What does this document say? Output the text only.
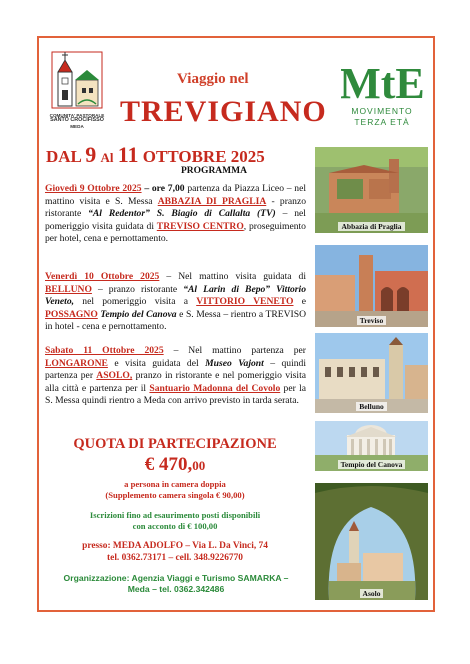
COMUNITA' PASTORALE
SANTO CROCIFISSO
MEDA
Viaggio nel
TREVIGIANO
MtE
MOVIMENTO
TERZA ETÀ
DAL 9 Al 11 OTTOBRE 2025
PROGRAMMA
Giovedì 9 Ottobre 2025 – ore 7,00 partenza da Piazza Liceo – nel mattino visita e S. Messa ABBAZIA DI PRAGLIA - pranzo ristorante “Al Redentor” S. Biagio di Callalta (TV) – nel pomeriggio visita guidata di TREVISO CENTRO, proseguimento per hotel, cena e pernottamento.
Venerdì 10 Ottobre 2025 – Nel mattino visita guidata di BELLUNO – pranzo ristorante “Al Larin di Bepo” Vittorio Veneto, nel pomeriggio visita a VITTORIO VENETO e POSSAGNO Tempio del Canova e S. Messa – rientro a TREVISO in hotel - cena e pernottamento.
Sabato 11 Ottobre 2025 – Nel mattino partenza per LONGARONE e visita guidata del Museo Vajont – quindi partenza per ASOLO, pranzo in ristorante e nel pomeriggio visita alla città e partenza per il Santuario Madonna del Covolo per la S. Messa quindi rientro a Meda con arrivo previsto in tarda serata.
Abbazia di Praglia
Treviso
Belluno
Tempio del Canova
Asolo
QUOTA DI PARTECIPAZIONE
€ 470,00
a persona in camera doppia
(Supplemento camera singola € 90,00)
Iscrizioni fino ad esaurimento posti disponibili
con acconto di € 100,00
presso: MEDA ADOLFO – Via L. Da Vinci, 74
tel. 0362.73171 – cell. 348.9226770
Organizzazione: Agenzia Viaggi e Turismo SAMARKA –
Meda – tel. 0362.342486
